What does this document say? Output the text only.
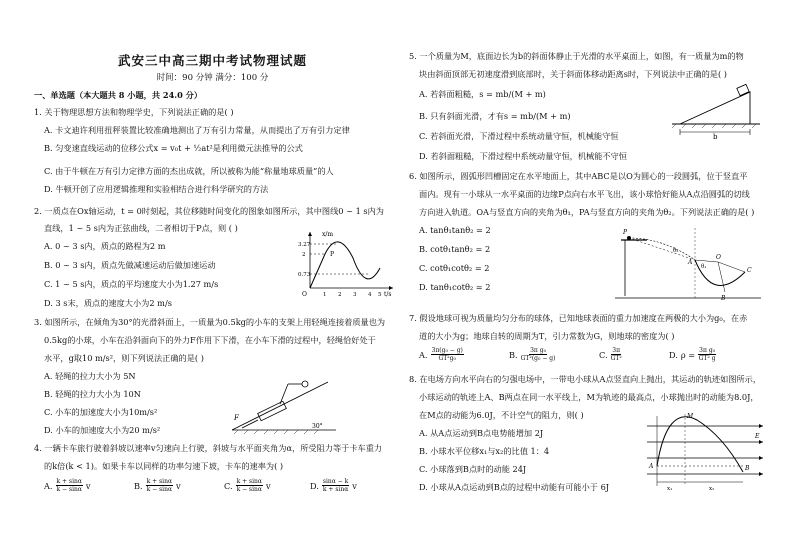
武安三中高三期中考试物理试题
时间：90 分钟 满分：100 分
一、单选题（本大题共 8 小题，共 24.0 分）
1. 关于物理思想方法和物理学史，下列说法正确的是( )
A. 卡文迪许利用扭秤装置比较准确地测出了万有引力常量，从而提出了万有引力定律
B. 匀变速直线运动的位移公式x = v₀t + ½at²是利用微元法推导的公式
C. 由于牛顿在万有引力定律方面的杰出成就，所以被称为能“称量地球质量”的人
D. 牛顿开创了应用逻辑推理和实验相结合进行科学研究的方法
2. 一质点在Ox轴运动，t = 0时刻起，其位移随时间变化的图象如图所示，其中图线0 ~ 1 s内为
直线，1 ~ 5 s内为正弦曲线，二者相切于P点，则 ( )
A. 0 ~ 3 s内，质点的路程为2 m
B. 0 ~ 3 s内，质点先做减速运动后做加速运动
C. 1 ~ 5 s内，质点的平均速度大小为1.27 m/s
D. 3 s末，质点的速度大小为2 m/s
3. 如图所示，在倾角为30°的光滑斜面上，一质量为0.5kg的小车的支架上用轻绳连接着质量也为
0.5kg的小球，小车在沿斜面向下的外力F作用下下滑，在小车下滑的过程中，轻绳恰好处于
水平，g取10 m/s²，则下列说法正确的是( )
A. 轻绳的拉力大小为 5N
B. 轻绳的拉力大小为 10N
C. 小车的加速度大小为10m/s²
D. 小车的加速度大小为20 m/s²
4. 一辆卡车旅行驶着斜坡以速率v匀速向上行驶，斜坡与水平面夹角为α，所受阻力等于卡车重力
的k倍(k < 1)。如果卡车以同样的功率匀速下坡，卡车的速率为( )
A. $\frac{k + \sin\alpha}{k - \sin\alpha}$ v	B. $\frac{k + \sin\alpha}{k - \sin\alpha}$ v	C. $\frac{k + \sin\alpha}{k - \sin\alpha}$ v	D. $\frac{\sin\alpha - k}{k + \sin\alpha}$ v
P
x/m
t/s
O
3.27
2
0.73
1 2 3 4 5
F
30°
5. 一个质量为M，底面边长为b的斜面体静止于光滑的水平桌面上，如图，有一质量为m的物
块由斜面顶部无初速度滑到底部时，关于斜面体移动距离s时，下列说法中正确的是( )
A. 若斜面粗糙，s = mb/(M + m)
B. 只有斜面光滑，才有s = mb/(M + m)
C. 若斜面光滑，下滑过程中系统动量守恒，机械能守恒
D. 若斜面粗糙，下滑过程中系统动量守恒，机械能不守恒
6. 如图所示，圆弧形凹槽固定在水平地面上，其中ABC是以O为圆心的一段圆弧，位于竖直平
面内。现有一小球从一水平桌面的边缘P点向右水平飞出，该小球恰好能从A点沿圆弧的切线
方向进入轨道。OA与竖直方向的夹角为θ₁，PA与竖直方向的夹角为θ₂。下列说法正确的是( )
A. tanθ₁tanθ₂ = 2
B. cotθ₁tanθ₂ = 2
C. cotθ₁cotθ₂ = 2
D. tanθ₁cotθ₂ = 2
7. 假设地球可视为质量均匀分布的球体，已知地球表面的重力加速度在两极的大小为g₀，在赤
道的大小为g；地球自转的周期为T，引力常数为G，则地球的密度为( )
8. 在电场方向水平向右的匀强电场中，一带电小球从A点竖直向上抛出，其运动的轨迹如图所示，
小球运动的轨迹上A、B两点在同一水平线上，M为轨迹的最高点，小球抛出时的动能为8.0J，
在M点的动能为6.0J，不计空气的阻力，则( )
A. 从A点运动到B点电势能增加 2J
B. 小球水平位移x₁与x₂的比值 1：4
C. 小球落到B点时的动能 24J
D. 小球从A点运动到B点的过程中动能有可能小于 6J
A. $\frac{\text{3π(g₀ − g)}}{\text{GT²g₀}}$	B. $\frac{\text{3π g₀}}{\text{GT²(g₀ − g)}}$	C. $\frac{3\pi}{\text{GT²}}$	D. $\rho = \frac{\text{3π g₀}}{\text{GT² g}}$
b
P
θ₂
A
O
θ₁
B
C
M
E
A	B
x₁	x₂
